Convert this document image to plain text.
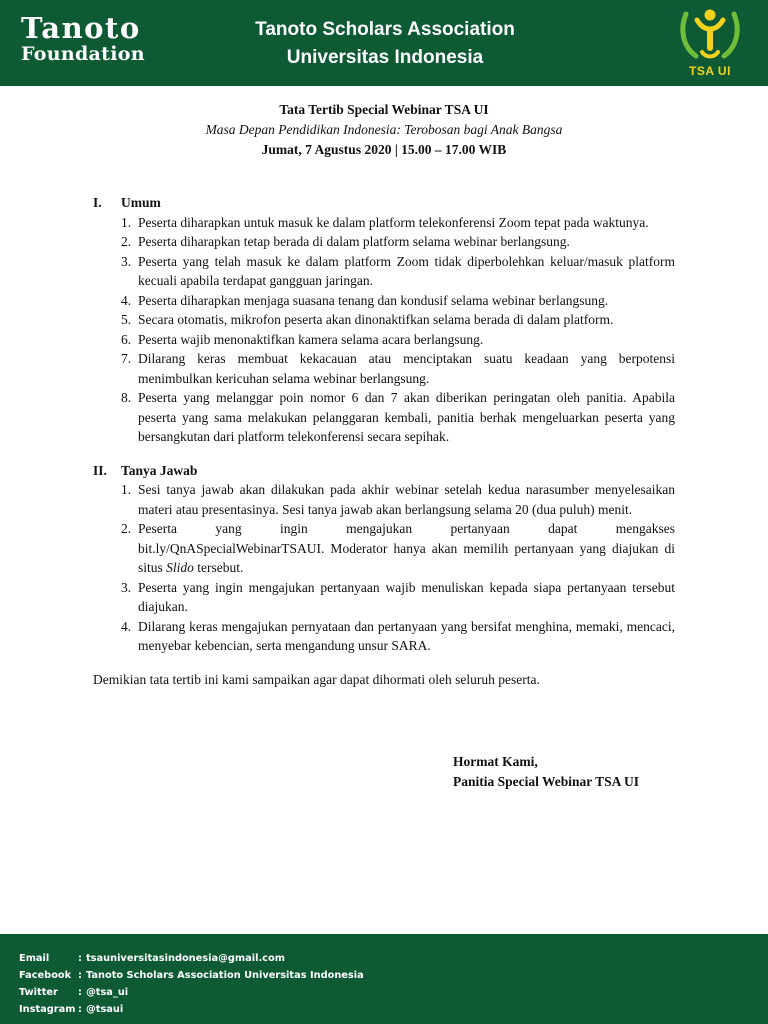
Tanoto
Foundation
Tanoto Scholars Association
Universitas Indonesia
TSA UI
Tata Tertib Special Webinar TSA UI
Masa Depan Pendidikan Indonesia: Terobosan bagi Anak Bangsa
Jumat, 7 Agustus 2020 | 15.00 – 17.00 WIB
I.	Umum
1. Peserta diharapkan untuk masuk ke dalam platform telekonferensi Zoom tepat pada waktunya.
2. Peserta diharapkan tetap berada di dalam platform selama webinar berlangsung.
3. Peserta yang telah masuk ke dalam platform Zoom tidak diperbolehkan keluar/masuk platform kecuali apabila terdapat gangguan jaringan.
4. Peserta diharapkan menjaga suasana tenang dan kondusif selama webinar berlangsung.
5. Secara otomatis, mikrofon peserta akan dinonaktifkan selama berada di dalam platform.
6. Peserta wajib menonaktifkan kamera selama acara berlangsung.
7. Dilarang keras membuat kekacauan atau menciptakan suatu keadaan yang berpotensi menimbulkan kericuhan selama webinar berlangsung.
8. Peserta yang melanggar poin nomor 6 dan 7 akan diberikan peringatan oleh panitia. Apabila peserta yang sama melakukan pelanggaran kembali, panitia berhak mengeluarkan peserta yang bersangkutan dari platform telekonferensi secara sepihak.
II.	Tanya Jawab
1. Sesi tanya jawab akan dilakukan pada akhir webinar setelah kedua narasumber menyelesaikan materi atau presentasinya. Sesi tanya jawab akan berlangsung selama 20 (dua puluh) menit.
2. Peserta yang ingin mengajukan pertanyaan dapat mengakses
bit.ly/QnASpecialWebinarTSAUI. Moderator hanya akan memilih pertanyaan yang diajukan di situs Slido tersebut.
3. Peserta yang ingin mengajukan pertanyaan wajib menuliskan kepada siapa pertanyaan tersebut diajukan.
4. Dilarang keras mengajukan pernyataan dan pertanyaan yang bersifat menghina, memaki, mencaci, menyebar kebencian, serta mengandung unsur SARA.
Demikian tata tertib ini kami sampaikan agar dapat dihormati oleh seluruh peserta.
Hormat Kami,
Panitia Special Webinar TSA UI
Email	: tsauniversitasindonesia@gmail.com
Facebook : Tanoto Scholars Association Universitas Indonesia
Twitter	: @tsa_ui
Instagram : @tsaui
